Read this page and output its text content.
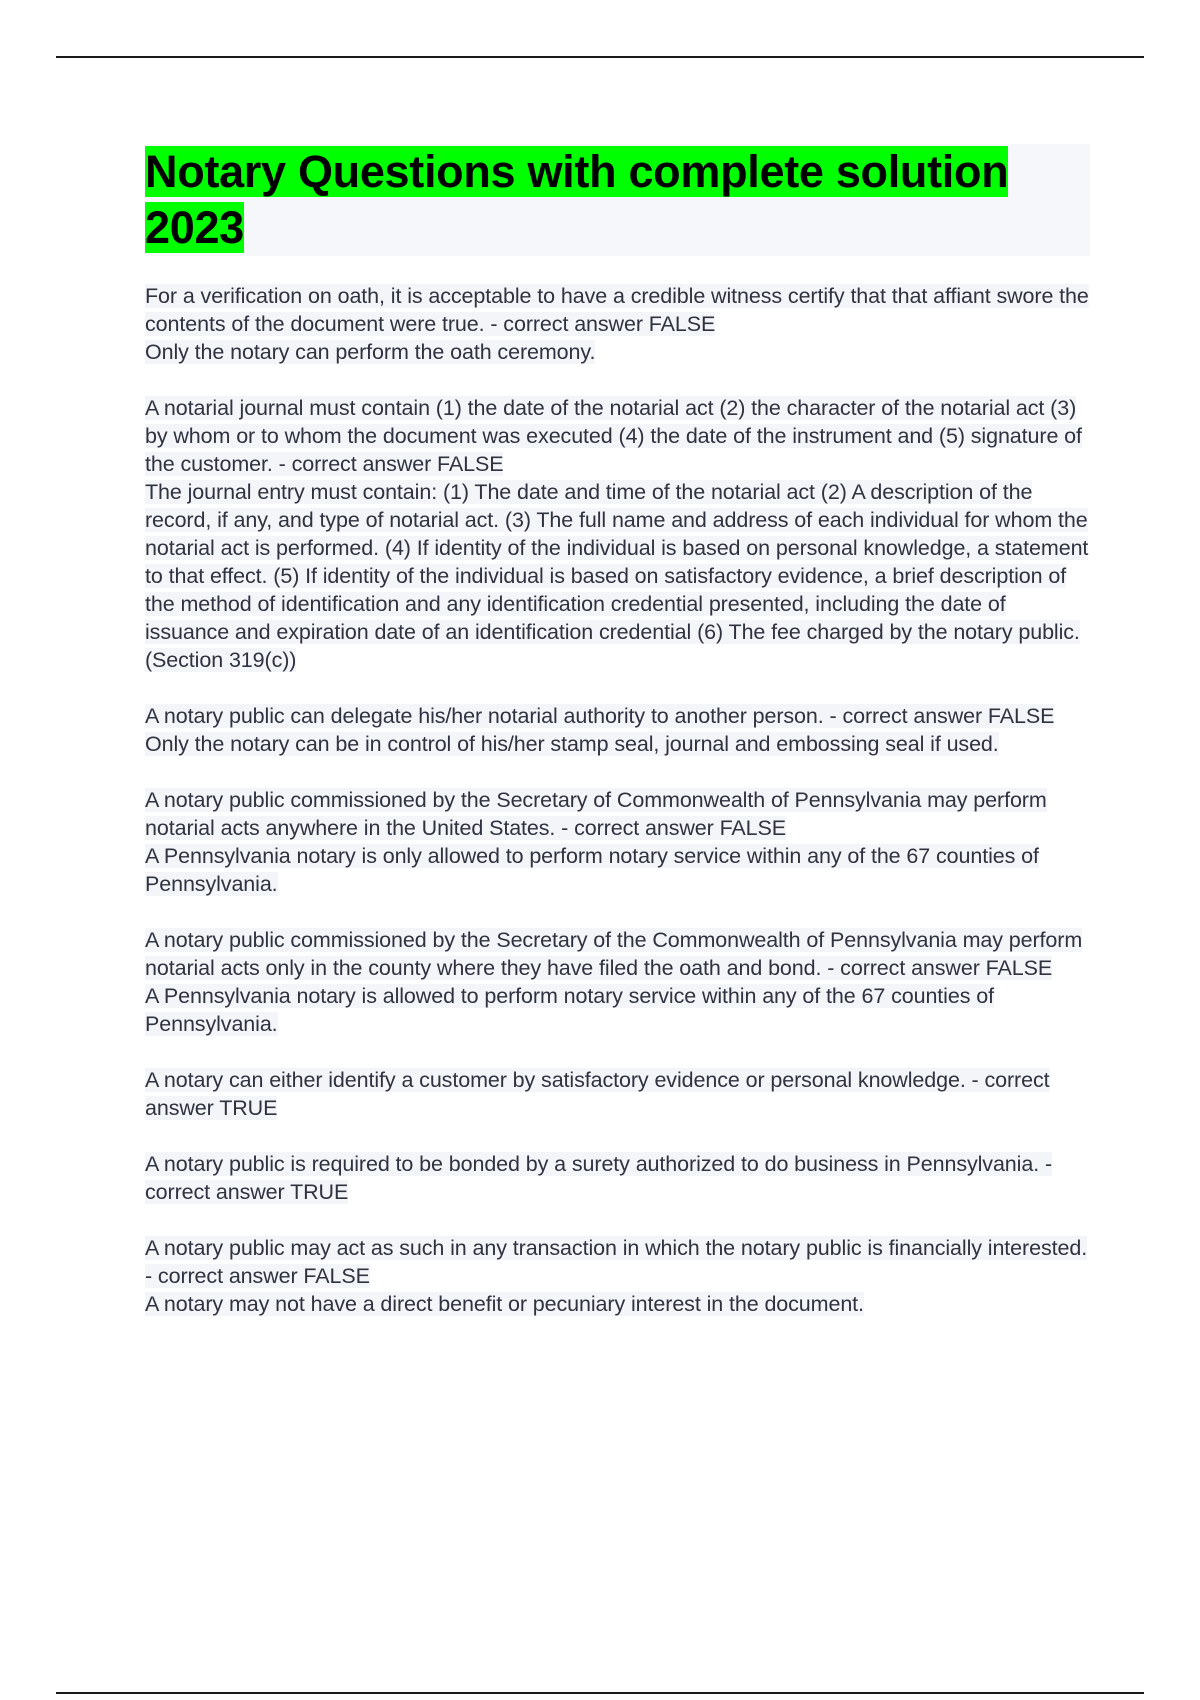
Notary Questions with complete solution 2023

For a verification on oath, it is acceptable to have a credible witness certify that that affiant swore the contents of the document were true. - correct answer FALSE

Only the notary can perform the oath ceremony.

A notarial journal must contain (1) the date of the notarial act (2) the character of the notarial act (3) by whom or to whom the document was executed (4) the date of the instrument and (5) signature of the customer. - correct answer FALSE

The journal entry must contain: (1) The date and time of the notarial act (2) A description of the record, if any, and type of notarial act. (3) The full name and address of each individual for whom the notarial act is performed. (4) If identity of the individual is based on personal knowledge, a statement to that effect. (5) If identity of the individual is based on satisfactory evidence, a brief description of the method of identification and any identification credential presented, including the date of issuance and expiration date of an identification credential (6) The fee charged by the notary public. (Section 319(c))

A notary public can delegate his/her notarial authority to another person. - correct answer FALSE

Only the notary can be in control of his/her stamp seal, journal and embossing seal if used.

A notary public commissioned by the Secretary of Commonwealth of Pennsylvania may perform notarial acts anywhere in the United States. - correct answer FALSE

A Pennsylvania notary is only allowed to perform notary service within any of the 67 counties of Pennsylvania.

A notary public commissioned by the Secretary of the Commonwealth of Pennsylvania may perform notarial acts only in the county where they have filed the oath and bond. - correct answer FALSE

A Pennsylvania notary is allowed to perform notary service within any of the 67 counties of Pennsylvania.

A notary can either identify a customer by satisfactory evidence or personal knowledge. - correct answer TRUE

A notary public is required to be bonded by a surety authorized to do business in Pennsylvania. - correct answer TRUE

A notary public may act as such in any transaction in which the notary public is financially interested. - correct answer FALSE

A notary may not have a direct benefit or pecuniary interest in the document.
